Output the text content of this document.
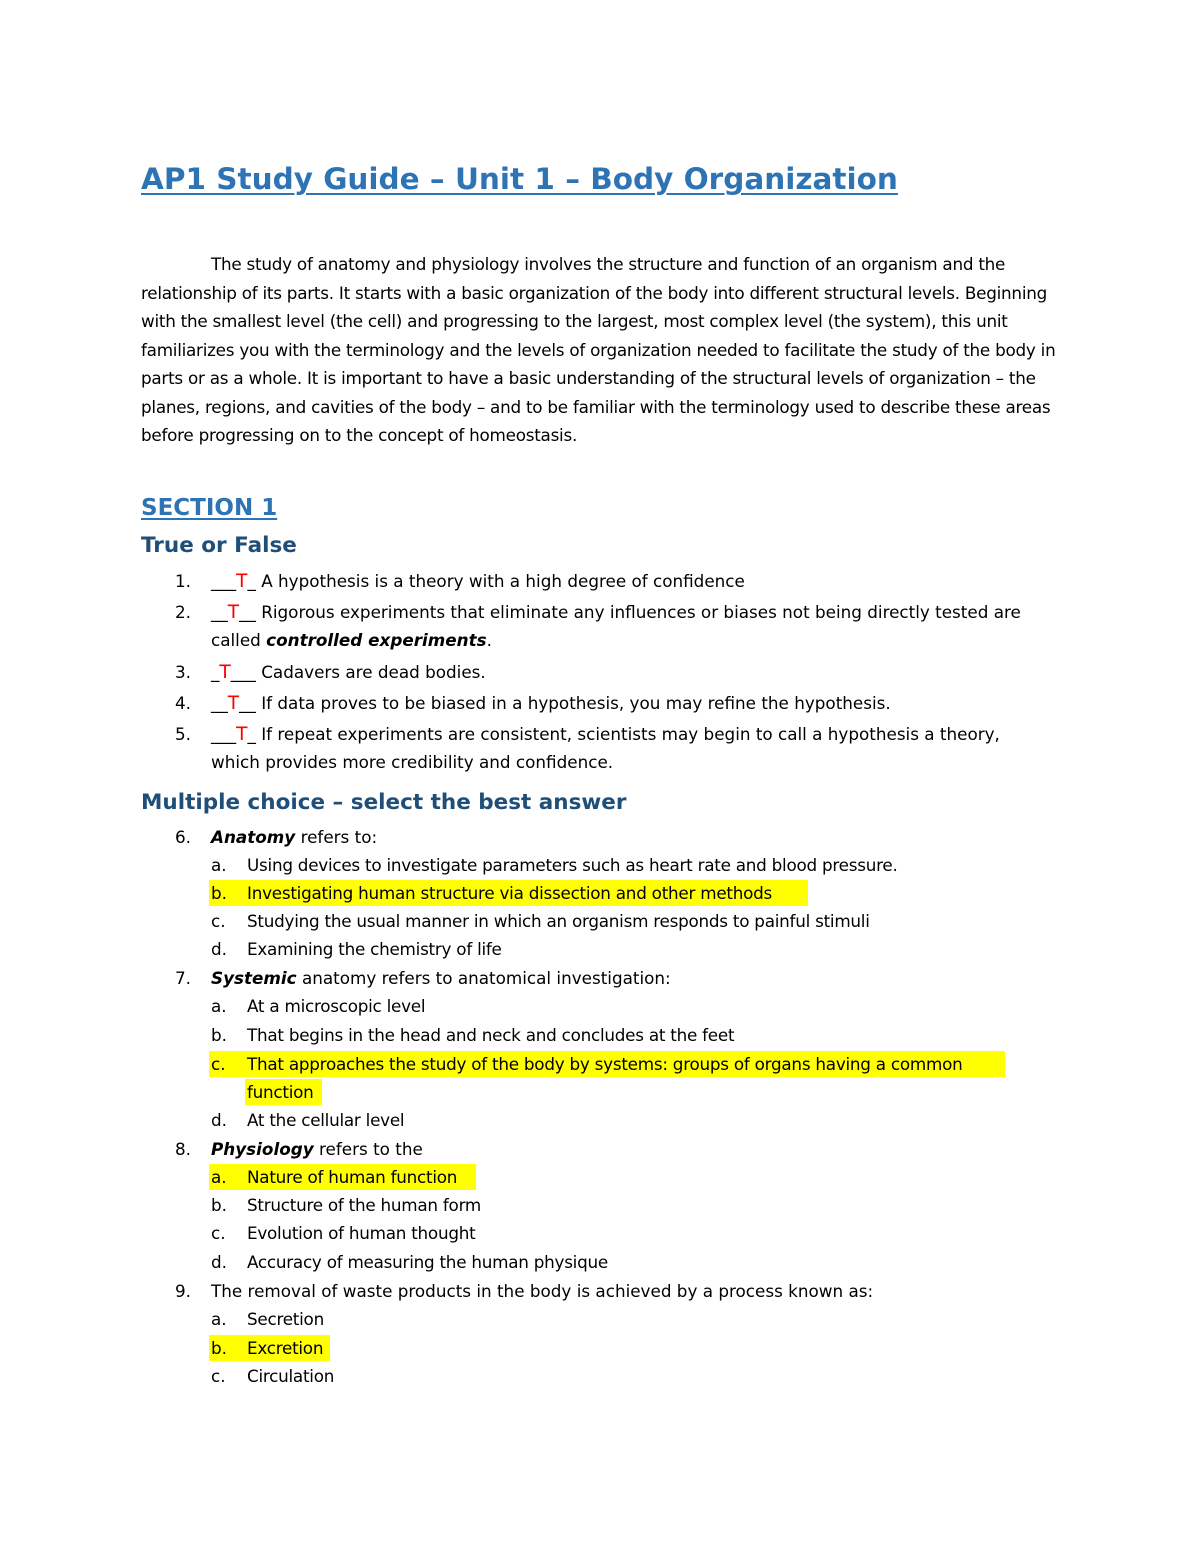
AP1 Study Guide – Unit 1 – Body Organization

The study of anatomy and physiology involves the structure and function of an organism and the relationship of its parts. It starts with a basic organization of the body into different structural levels. Beginning with the smallest level (the cell) and progressing to the largest, most complex level (the system), this unit familiarizes you with the terminology and the levels of organization needed to facilitate the study of the body in parts or as a whole. It is important to have a basic understanding of the structural levels of organization – the planes, regions, and cavities of the body – and to be familiar with the terminology used to describe these areas before progressing on to the concept of homeostasis.

SECTION 1
True or False
1. ___T_ A hypothesis is a theory with a high degree of confidence
2. __T__ Rigorous experiments that eliminate any influences or biases not being directly tested are
called controlled experiments.
3. _T___ Cadavers are dead bodies.
4. __T__ If data proves to be biased in a hypothesis, you may refine the hypothesis.
5. ___T_ If repeat experiments are consistent, scientists may begin to call a hypothesis a theory,
which provides more credibility and confidence.
Multiple choice – select the best answer
6. Anatomy refers to:
a. Using devices to investigate parameters such as heart rate and blood pressure.
b. Investigating human structure via dissection and other methods
c. Studying the usual manner in which an organism responds to painful stimuli
d. Examining the chemistry of life
7. Systemic anatomy refers to anatomical investigation:
a. At a microscopic level
b. That begins in the head and neck and concludes at the feet
c. That approaches the study of the body by systems: groups of organs having a common
function
d. At the cellular level
8. Physiology refers to the
a. Nature of human function
b. Structure of the human form
c. Evolution of human thought
d. Accuracy of measuring the human physique
9. The removal of waste products in the body is achieved by a process known as:
a. Secretion
b. Excretion
c. Circulation
